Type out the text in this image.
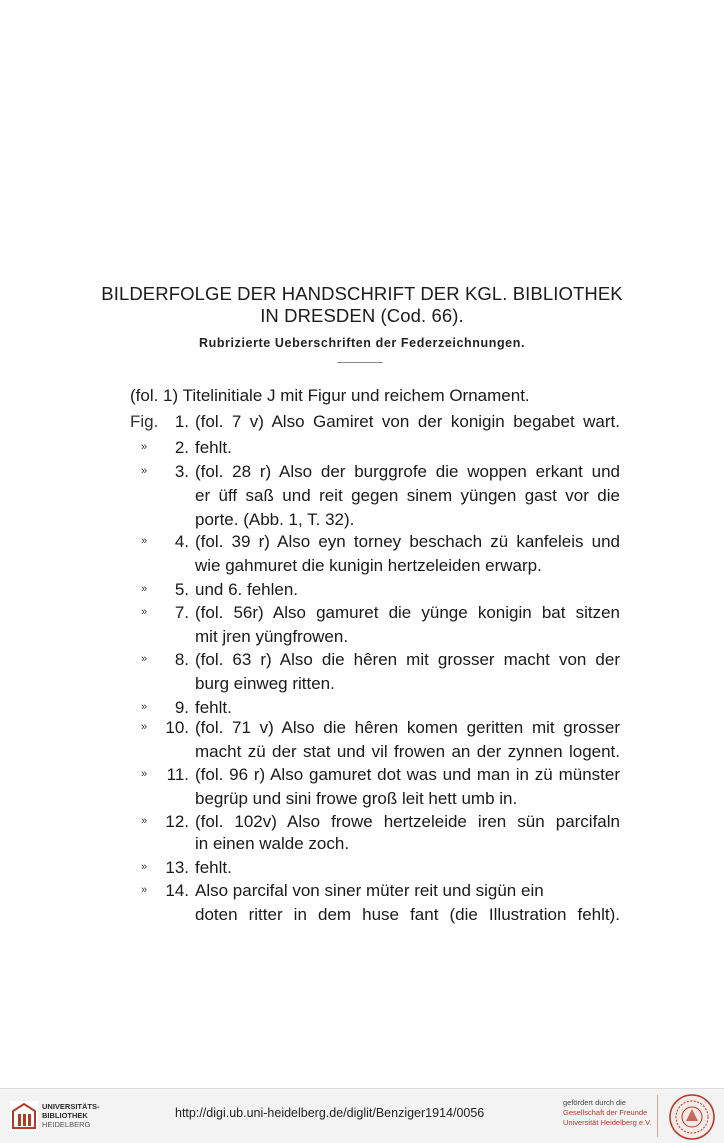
BILDERFOLGE DER HANDSCHRIFT DER KGL. BIBLIOTHEK
IN DRESDEN (Cod. 66).
Rubrizierte Ueberschriften der Federzeichnungen.
(fol. 1) Titelinitiale J mit Figur und reichem Ornament.
Fig. 1. (fol. 7 v) Also Gamiret von der konigin begabet wart.
»	2. fehlt.
»	3. (fol. 28 r) Also der burggrofe die woppen erkant und
er üff saß und reit gegen sinem yüngen gast vor die
porte. (Abb. 1, T. 32).
»	4. (fol. 39 r) Also eyn torney beschach zü kanfeleis und
wie gahmuret die kunigin hertzeleiden erwarp.
»	5. und 6. fehlen.
»	7. (fol. 56r) Also gamuret die yünge konigin bat sitzen
mit jren yüngfrowen.
»	8. (fol. 63 r) Also die hêren mit grosser macht von der
burg einweg ritten.
»	9. fehlt.
»	10. (fol. 71 v) Also die hêren komen geritten mit grosser
macht zü der stat und vil frowen an der zynnen logent.
»	11. (fol. 96 r) Also gamuret dot was und man in zü münster
begrüp und sini frowe groß leit hett umb in.
»	12. (fol. 102v) Also frowe hertzeleide iren sün parcifaln
in einen walde zoch.
»	13. fehlt.
»	14. Also parcifal von siner müter reit und sigün ein
doten ritter in dem huse fant (die Illustration fehlt).
UNIVERSITÄTS-
BIBLIOTHEK
HEIDELBERG
http://digi.ub.uni-heidelberg.de/diglit/Benziger1914/0056
gefördert durch die
Gesellschaft der Freunde
Universität Heidelberg e.V.
